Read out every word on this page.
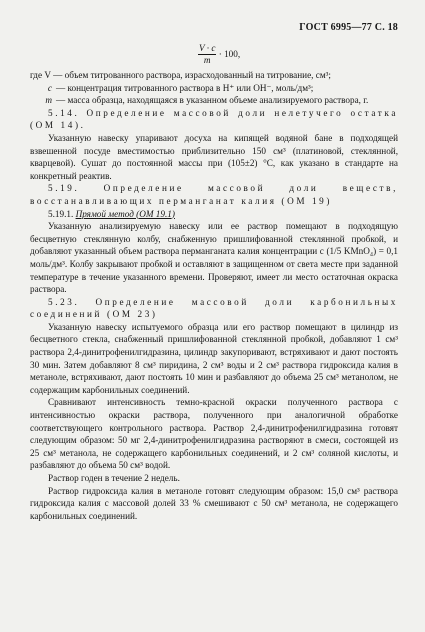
ГОСТ 6995—77 С. 18
$\frac{V \cdot c}{m} \cdot 100$,

где V — объем титрованного раствора, израсходованный на титрование, см³;

c — концентрация титрованного раствора в H⁺ или OH⁻, моль/дм³;
m — масса образца, находящаяся в указанном объеме анализируемого раствора, г.

5.14. Определение массовой доли нелетучего остатка (ОМ 14).

Указанную навеску упаривают досуха на кипящей водяной бане в подходящей взвешенной посуде вместимостью приблизительно 150 см³ (платиновой, стеклянной, кварцевой). Сушат до постоянной массы при (105±2) °С, как указано в стандарте на конкретный реактив.

5.19. Определение массовой доли веществ, восстанавливающих перманганат калия (ОМ 19)

5.19.1. Прямой метод (ОМ 19.1)

Указанную анализируемую навеску или ее раствор помещают в подходящую бесцветную стеклянную колбу, снабженную пришлифованной стеклянной пробкой, и добавляют указанный объем раствора перманганата калия концентрации c (1/5 KMnO₄) = 0,1 моль/дм³. Колбу закрывают пробкой и оставляют в защищенном от света месте при заданной температуре в течение указанного времени. Проверяют, имеет ли место остаточная окраска раствора.

5.23. Определение массовой доли карбонильных соединений (ОМ 23)

Указанную навеску испытуемого образца или его раствор помещают в цилиндр из бесцветного стекла, снабженный пришлифованной стеклянной пробкой, добавляют 1 см³ раствора 2,4-динитрофенилгидразина, цилиндр закупоривают, встряхивают и дают постоять 30 мин. Затем добавляют 8 см³ пиридина, 2 см³ воды и 2 см³ раствора гидроксида калия в метаноле, встряхивают, дают постоять 10 мин и разбавляют до объема 25 см³ метанолом, не содержащим карбонильных соединений.

Сравнивают интенсивность темно-красной окраски полученного раствора с интенсивностью окраски раствора, полученного при аналогичной обработке соответствующего контрольного раствора. Раствор 2,4-динитрофенилгидразина готовят следующим образом: 50 мг 2,4-динитрофенилгидразина растворяют в смеси, состоящей из 25 см³ метанола, не содержащего карбонильных соединений, и 2 см³ соляной кислоты, и разбавляют до объема 50 см³ водой.

Раствор годен в течение 2 недель.

Раствор гидроксида калия в метаноле готовят следующим образом: 15,0 см³ раствора гидроксида калия с массовой долей 33 % смешивают с 50 см³ метанола, не содержащего карбонильных соединений.
